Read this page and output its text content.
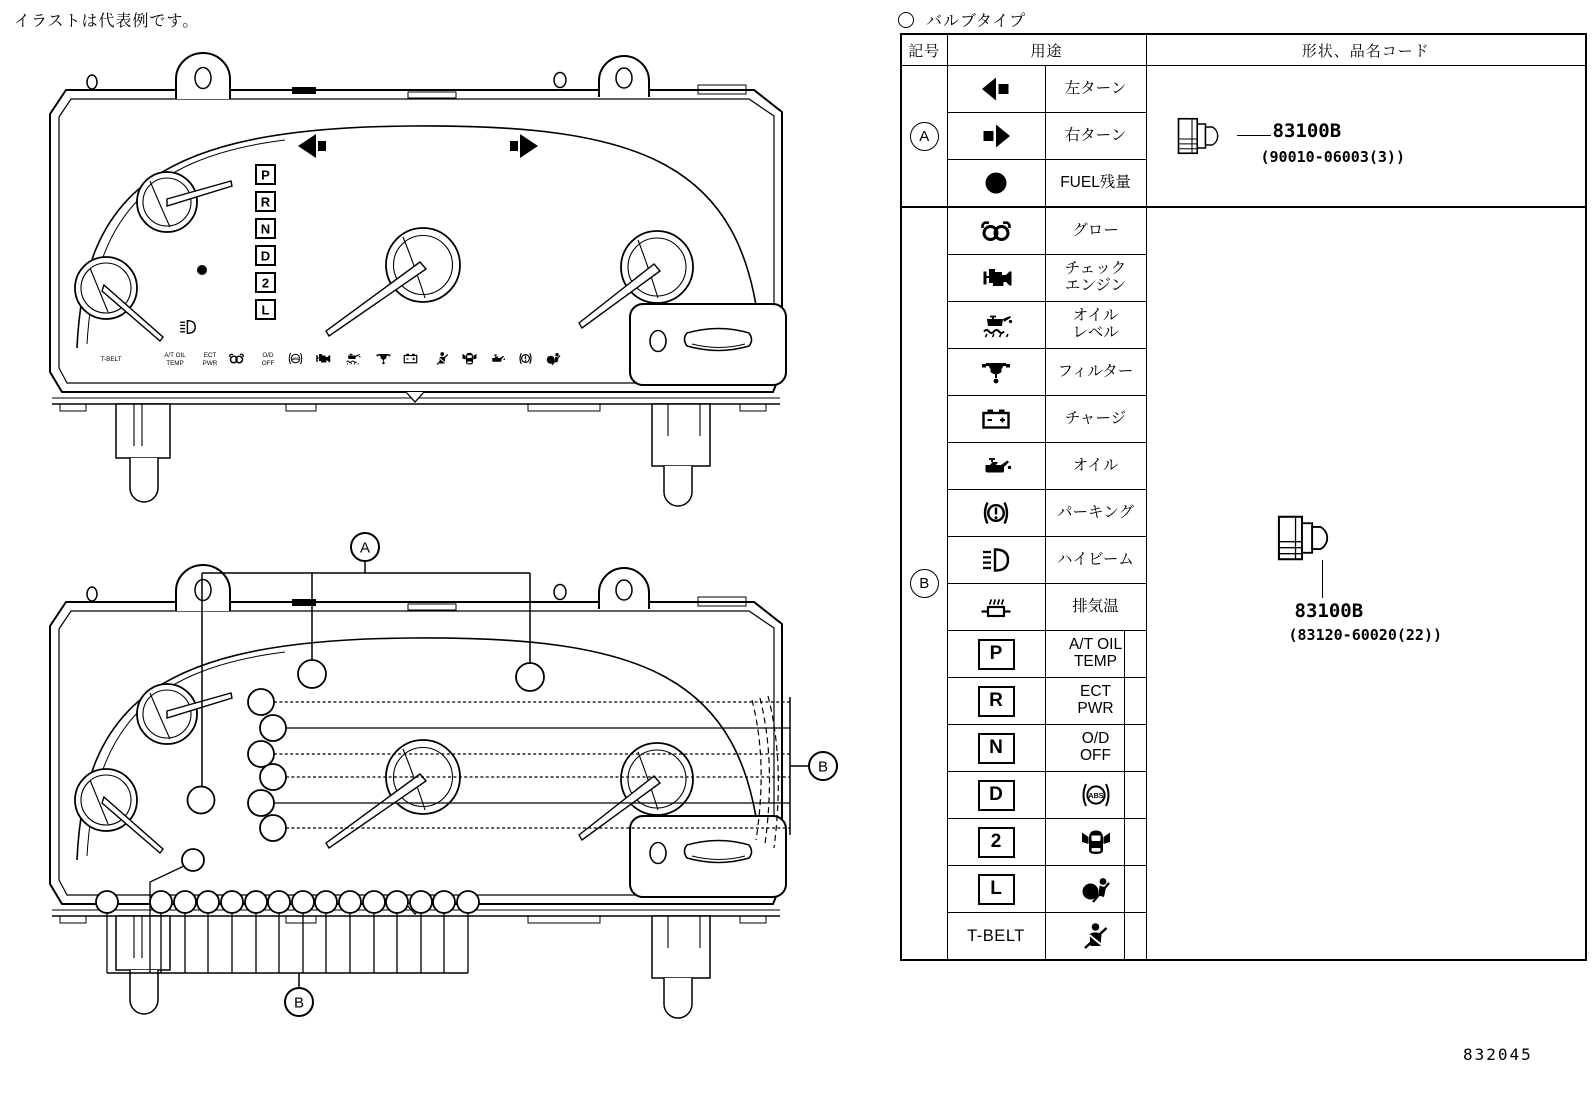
イラストは代表例です。
832045
バルブタイプ
P
R
N
D
2
L
T-BELT
A/T OIL
TEMP
ECT
PWR
O/D
OFF
A
B
B
記号	用途		形状、品名コード
A		左ターン	83100B
(90010-06003(3))

	右ターン	
	FUEL残量	
B		グロー	83100B
(83120-60020(22))

	チェック
エンジン	
	オイル
レベル	
	フィルター	
	チャージ	
	オイル	
	パーキング	
	ハイビーム	
	排気温	
	P	A/T OIL
TEMP	
	R	ECT
PWR	
	N	O/D
OFF	
	D	
	2	
	L	
	T-BELT	
